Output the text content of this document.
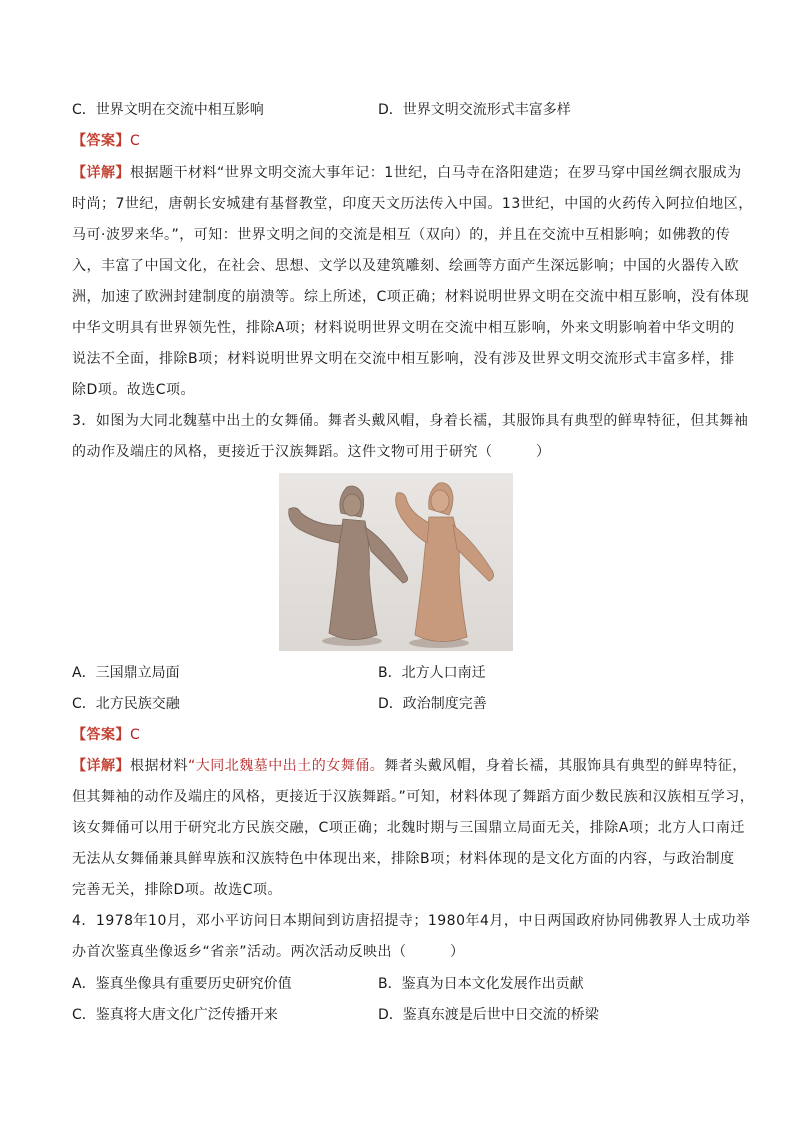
C．世界文明在交流中相互影响	D．世界文明交流形式丰富多样
【答案】C
【详解】根据题干材料“世界文明交流大事年记：1世纪，白马寺在洛阳建造；在罗马穿中国丝绸衣服成为
时尚；7世纪，唐朝长安城建有基督教堂，印度天文历法传入中国。13世纪，中国的火药传入阿拉伯地区，
马可·波罗来华。”，可知：世界文明之间的交流是相互（双向）的，并且在交流中互相影响；如佛教的传
入，丰富了中国文化，在社会、思想、文学以及建筑雕刻、绘画等方面产生深远影响；中国的火器传入欧
洲，加速了欧洲封建制度的崩溃等。综上所述，C项正确；材料说明世界文明在交流中相互影响，没有体现
中华文明具有世界领先性，排除A项；材料说明世界文明在交流中相互影响，外来文明影响着中华文明的
说法不全面，排除B项；材料说明世界文明在交流中相互影响，没有涉及世界文明交流形式丰富多样，排
除D项。故选C项。
3．如图为大同北魏墓中出土的女舞俑。舞者头戴风帽，身着长襦，其服饰具有典型的鲜卑特征，但其舞袖
的动作及端庄的风格，更接近于汉族舞蹈。这件文物可用于研究（　　　）
A．三国鼎立局面	B．北方人口南迁
C．北方民族交融	D．政治制度完善
【答案】C
【详解】根据材料“大同北魏墓中出土的女舞俑。舞者头戴风帽，身着长襦，其服饰具有典型的鲜卑特征，
但其舞袖的动作及端庄的风格，更接近于汉族舞蹈。”可知，材料体现了舞蹈方面少数民族和汉族相互学习，
该女舞俑可以用于研究北方民族交融，C项正确；北魏时期与三国鼎立局面无关，排除A项；北方人口南迁
无法从女舞俑兼具鲜卑族和汉族特色中体现出来，排除B项；材料体现的是文化方面的内容，与政治制度
完善无关，排除D项。故选C项。
4．1978年10月，邓小平访问日本期间到访唐招提寺；1980年4月，中日两国政府协同佛教界人士成功举
办首次鉴真坐像返乡“省亲”活动。两次活动反映出（　　　）
A．鉴真坐像具有重要历史研究价值	B．鉴真为日本文化发展作出贡献
C．鉴真将大唐文化广泛传播开来	D．鉴真东渡是后世中日交流的桥梁
